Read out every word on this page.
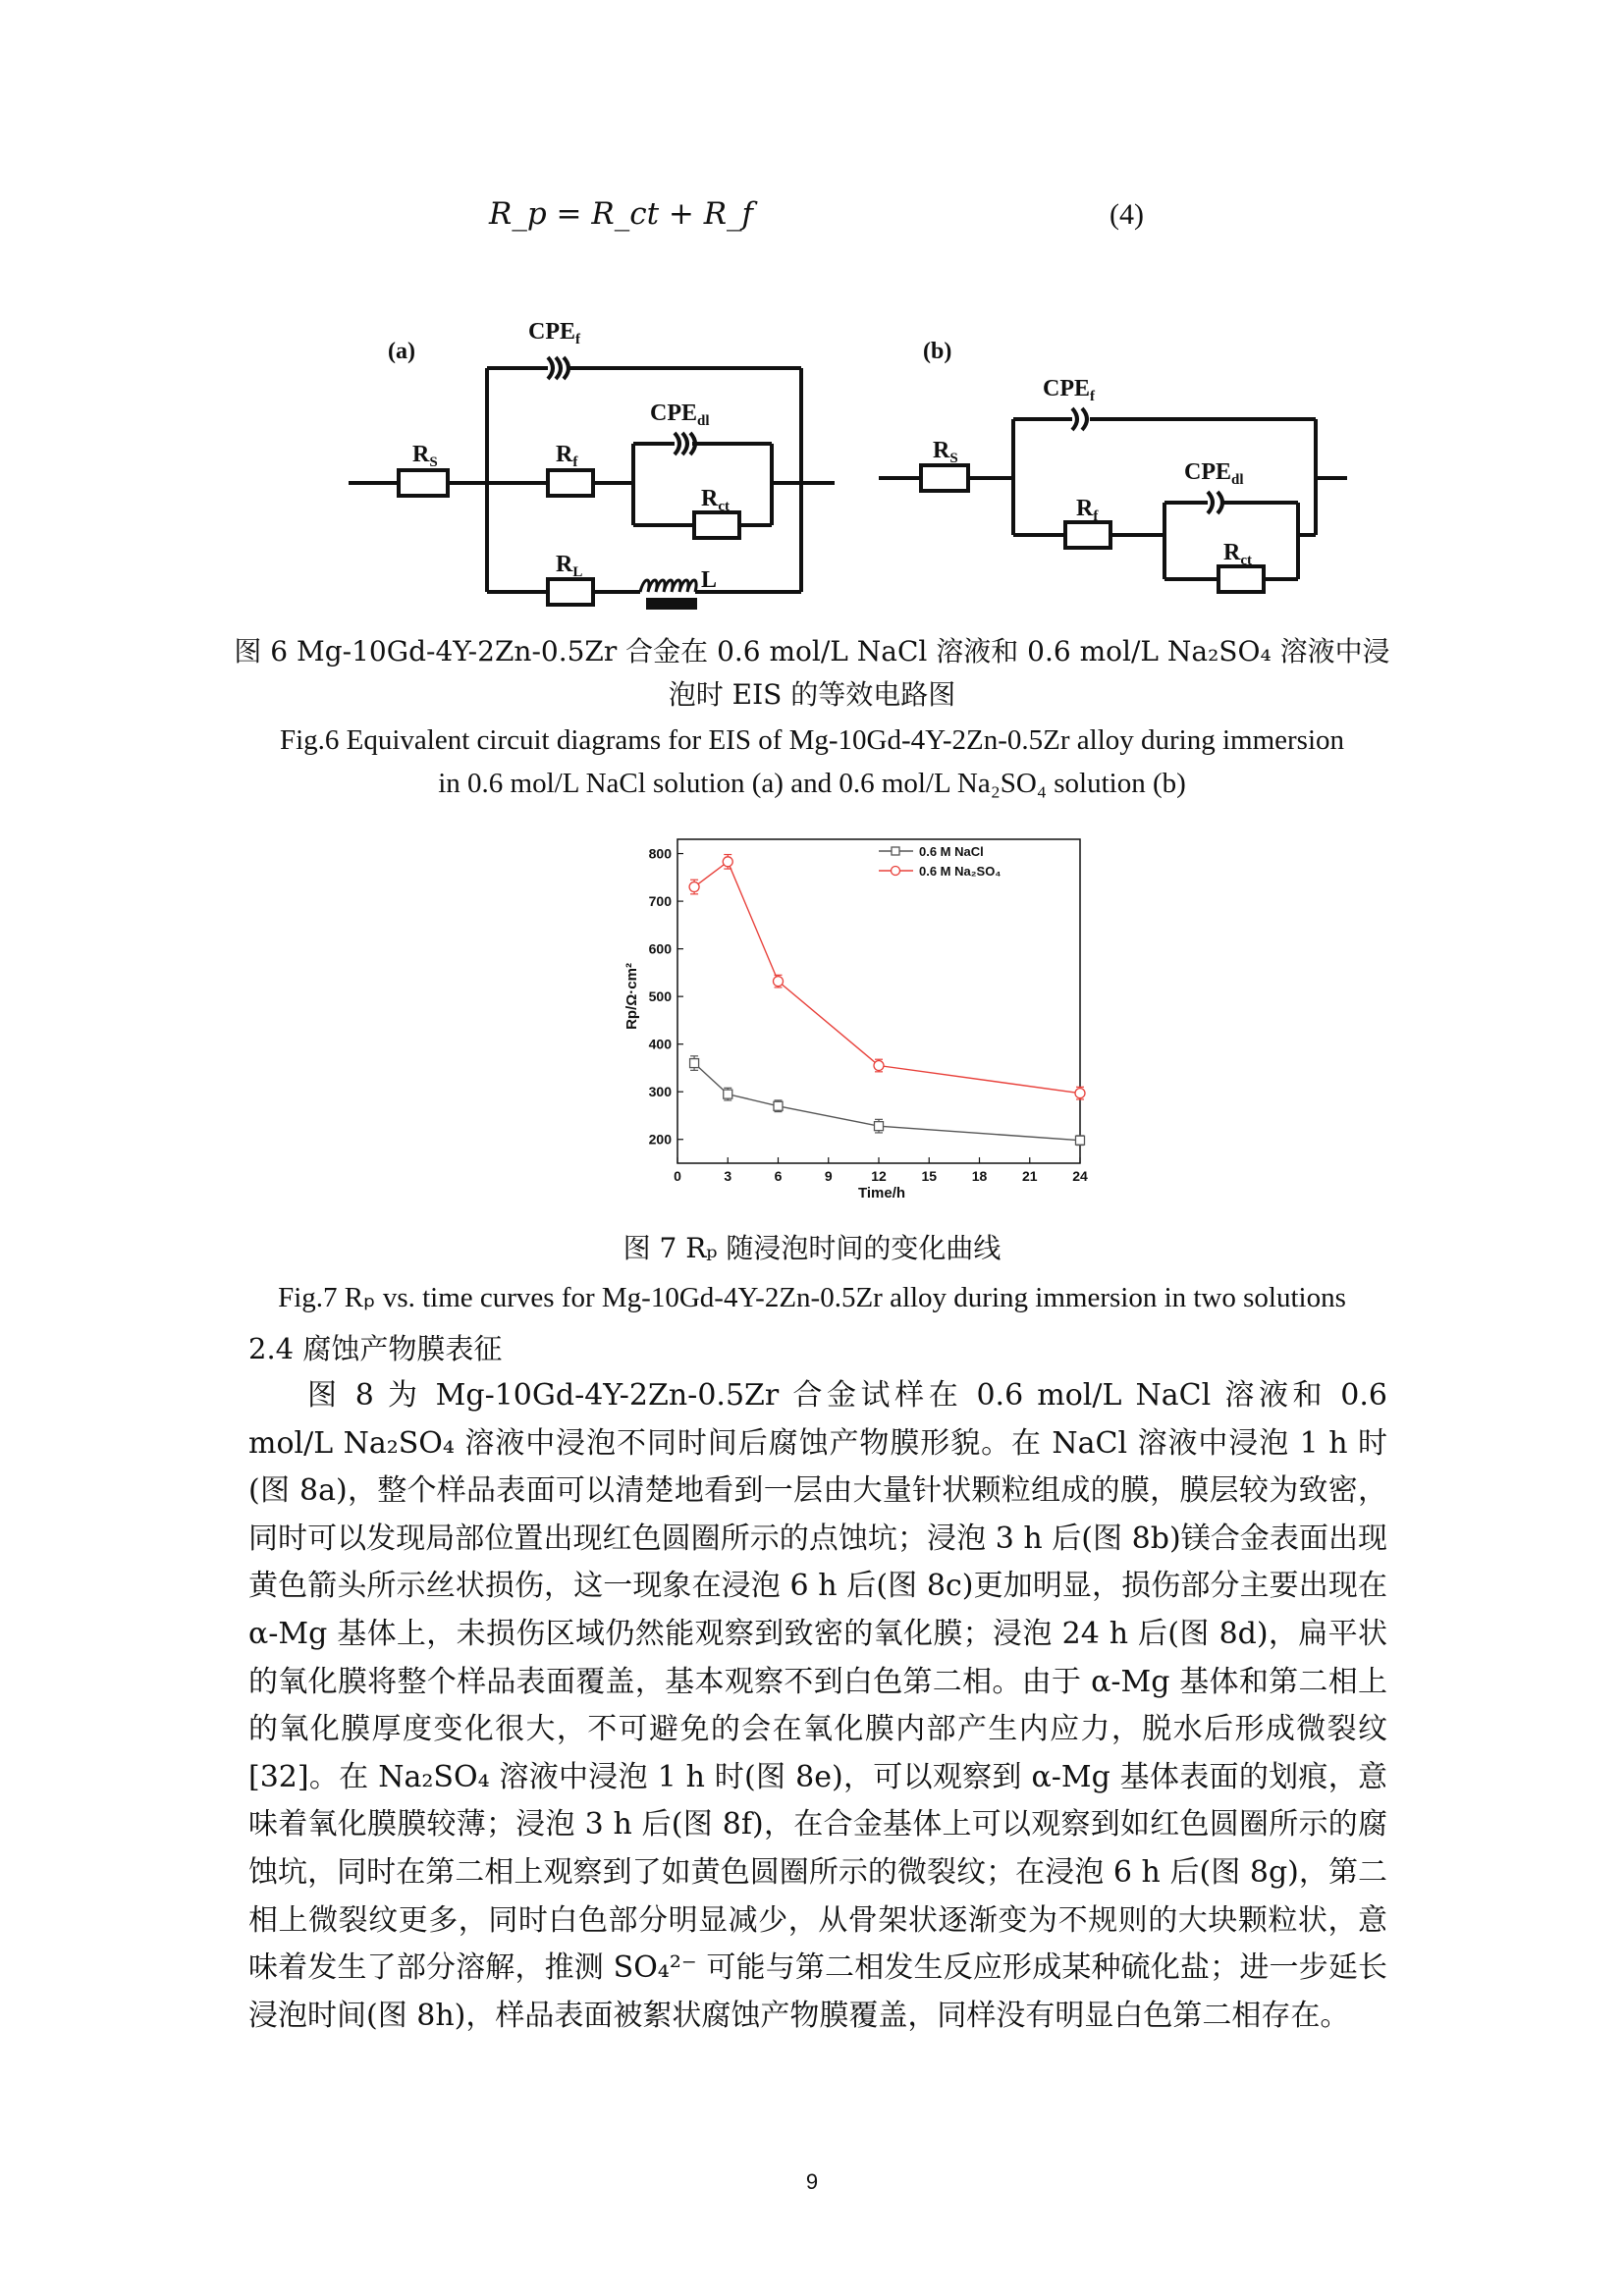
R_p = R_ct + R_f	(4)
(a)	(b)
$CPE_f$
$CPE_{dl}$
$R_S$	$R_f$
$R_{ct}$
$R_L$	L
$CPE_f$
$CPE_{dl}$
$R_S$
$R_f$
$R_{ct}$
图 6 Mg-10Gd-4Y-2Zn-0.5Zr 合金在 0.6 mol/L NaCl 溶液和 0.6 mol/L Na₂SO₄ 溶液中浸
泡时 EIS 的等效电路图
Fig.6 Equivalent circuit diagrams for EIS of Mg-10Gd-4Y-2Zn-0.5Zr alloy during immersion
in 0.6 mol/L NaCl solution (a) and 0.6 mol/L Na₂SO₄ solution (b)
0	3	6	9	12	15	18	21	24
200
300
400
500
600
700
800	0.6 M NaCl
0.6 M Na₂SO₄
Time/h
Rp/Ω·cm²
图 7 Rₚ 随浸泡时间的变化曲线
Fig.7 Rₚ vs. time curves for Mg-10Gd-4Y-2Zn-0.5Zr alloy during immersion in two solutions
2.4 腐蚀产物膜表征

图 8 为 Mg-10Gd-4Y-2Zn-0.5Zr 合金试样在 0.6 mol/L NaCl 溶液和 0.6 mol/L Na₂SO₄ 溶液中浸泡不同时间后腐蚀产物膜形貌。在 NaCl 溶液中浸泡 1 h 时(图 8a)，整个样品表面可以清楚地看到一层由大量针状颗粒组成的膜，膜层较为致密，同时可以发现局部位置出现红色圆圈所示的点蚀坑；浸泡 3 h 后(图 8b)镁合金表面出现黄色箭头所示丝状损伤，这一现象在浸泡 6 h 后(图 8c)更加明显，损伤部分主要出现在 α-Mg 基体上，未损伤区域仍然能观察到致密的氧化膜；浸泡 24 h 后(图 8d)，扁平状的氧化膜将整个样品表面覆盖，基本观察不到白色第二相。由于 α-Mg 基体和第二相上的氧化膜厚度变化很大，不可避免的会在氧化膜内部产生内应力，脱水后形成微裂纹[32]。在 Na₂SO₄ 溶液中浸泡 1 h 时(图 8e)，可以观察到 α-Mg 基体表面的划痕，意味着氧化膜膜较薄；浸泡 3 h 后(图 8f)，在合金基体上可以观察到如红色圆圈所示的腐蚀坑，同时在第二相上观察到了如黄色圆圈所示的微裂纹；在浸泡 6 h 后(图 8g)，第二相上微裂纹更多，同时白色部分明显减少，从骨架状逐渐变为不规则的大块颗粒状，意味着发生了部分溶解，推测 SO₄²⁻ 可能与第二相发生反应形成某种硫化盐；进一步延长浸泡时间(图 8h)，样品表面被絮状腐蚀产物膜覆盖，同样没有明显白色第二相存在。

9
